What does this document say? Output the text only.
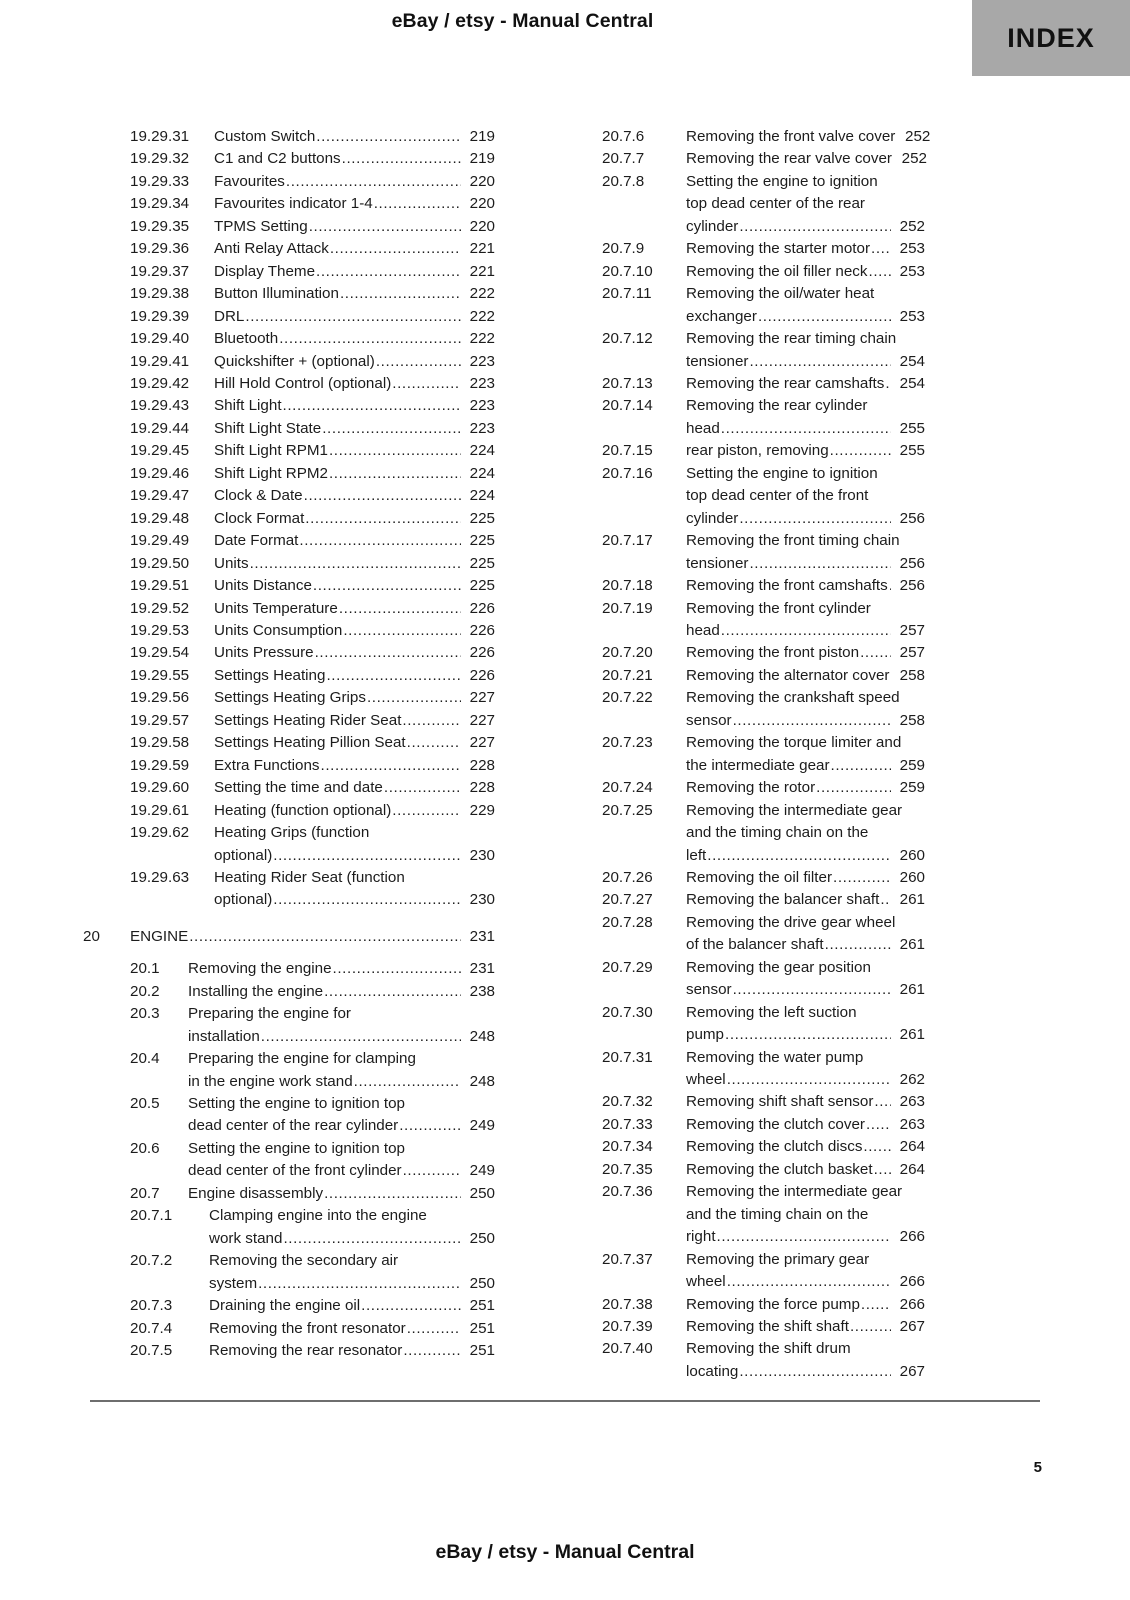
eBay / etsy - Manual Central
INDEX

19.29.31	Custom Switch .....	219

19.29.32	C1 and C2 buttons .....	219

19.29.33	Favourites .....	220

19.29.34	Favourites indicator 1-4 .....	220

19.29.35	TPMS Setting .....	220

19.29.36	Anti Relay Attack .....	221

19.29.37	Display Theme .....	221

19.29.38	Button Illumination .....	222

19.29.39	DRL .....	222

19.29.40	Bluetooth .....	222

19.29.41	Quickshifter + (optional) .....	223

19.29.42	Hill Hold Control (optional) .....	223

19.29.43	Shift Light .....	223

19.29.44	Shift Light State .....	223

19.29.45	Shift Light RPM1 .....	224

19.29.46	Shift Light RPM2 .....	224

19.29.47	Clock & Date .....	224

19.29.48	Clock Format .....	225

19.29.49	Date Format .....	225

19.29.50	Units .....	225

19.29.51	Units Distance .....	225

19.29.52	Units Temperature .....	226

19.29.53	Units Consumption .....	226

19.29.54	Units Pressure .....	226

19.29.55	Settings Heating .....	226

19.29.56	Settings Heating Grips .....	227

19.29.57	Settings Heating Rider Seat .....	227

19.29.58	Settings Heating Pillion Seat .....	227

19.29.59	Extra Functions .....	228

19.29.60	Setting the time and date .....	228

19.29.61	Heating (function optional) .....	229

19.29.62	Heating Grips (function
optional) .....	230

19.29.63	Heating Rider Seat (function
optional) .....	230
20	ENGINE .....	231

20.1	Removing the engine .....	231

20.2	Installing the engine .....	238

20.3	Preparing the engine for
installation .....	248

20.4	Preparing the engine for clamping
in the engine work stand .....	248

20.5	Setting the engine to ignition top
dead center of the rear cylinder .....	249

20.6	Setting the engine to ignition top
dead center of the front cylinder .....	249

20.7	Engine disassembly .....	250

20.7.1	Clamping engine into the engine
work stand .....	250

20.7.2	Removing the secondary air
system .....	250

20.7.3	Draining the engine oil .....	251

20.7.4	Removing the front resonator .....	251

20.7.5	Removing the rear resonator .....	251

20.7.6	Removing the front valve cover 252

20.7.7	Removing the rear valve cover 252

20.7.8	Setting the engine to ignition
top dead center of the rear
cylinder .....	252

20.7.9	Removing the starter motor .....	253

20.7.10	Removing the oil filler neck .....	253

20.7.11	Removing the oil/water heat
exchanger .....	253

20.7.12	Removing the rear timing chain
tensioner .....	254

20.7.13	Removing the rear camshafts .....	254

20.7.14	Removing the rear cylinder
head .....	255

20.7.15	rear piston, removing .....	255

20.7.16	Setting the engine to ignition
top dead center of the front
cylinder .....	256

20.7.17	Removing the front timing chain
tensioner .....	256

20.7.18	Removing the front camshafts ..... 256

20.7.19	Removing the front cylinder
head .....	257

20.7.20	Removing the front piston .....	257

20.7.21	Removing the alternator cover ..... 258

20.7.22	Removing the crankshaft speed
sensor .....	258

20.7.23	Removing the torque limiter and
the intermediate gear .....	259

20.7.24	Removing the rotor .....	259

20.7.25	Removing the intermediate gear
and the timing chain on the
left .....	260

20.7.26	Removing the oil filter .....	260

20.7.27	Removing the balancer shaft .....	261

20.7.28	Removing the drive gear wheel
of the balancer shaft .....	261

20.7.29	Removing the gear position
sensor .....	261

20.7.30	Removing the left suction
pump .....	261

20.7.31	Removing the water pump
wheel .....	262

20.7.32	Removing shift shaft sensor .....	263

20.7.33	Removing the clutch cover .....	263

20.7.34	Removing the clutch discs .....	264

20.7.35	Removing the clutch basket .....	264

20.7.36	Removing the intermediate gear
and the timing chain on the
right .....	266

20.7.37	Removing the primary gear
wheel .....	266

20.7.38	Removing the force pump .....	266

20.7.39	Removing the shift shaft .....	267

20.7.40	Removing the shift drum
locating .....	267
5
eBay / etsy - Manual Central
